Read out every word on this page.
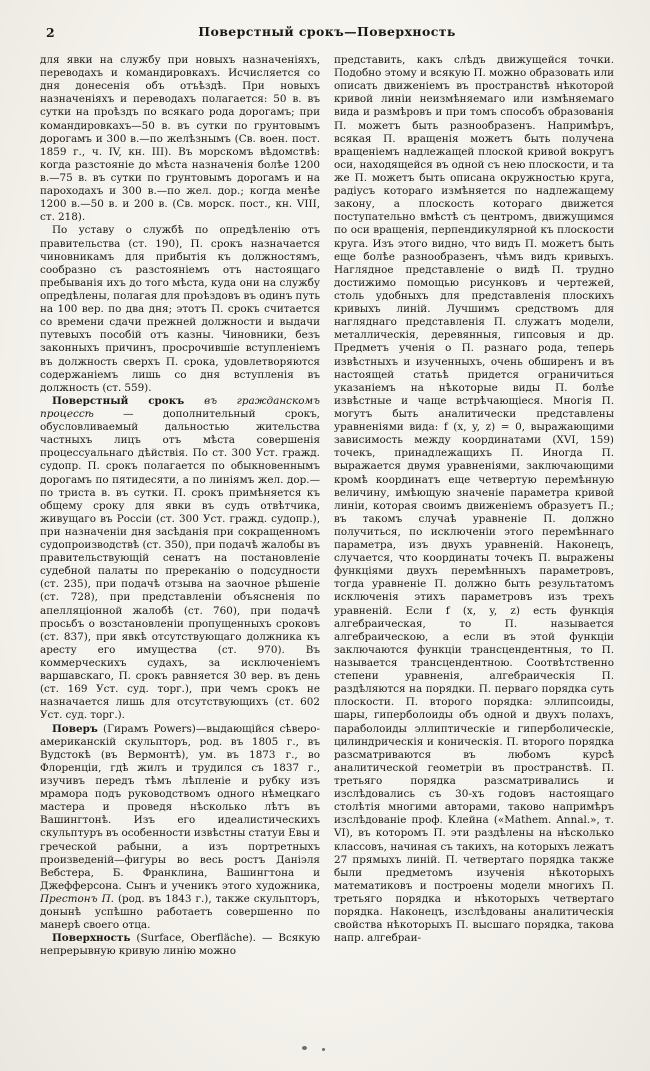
2	Поверстный срокъ—Поверхность

для явки на службу при новыхъ назначеніяхъ, переводахъ и командировкахъ. Исчисляется со дня донесенія объ отъѣздѣ. При новыхъ назначеніяхъ и переводахъ полагается: 50 в. въ сутки на проѣздъ по всякаго рода дорогамъ; при командировкахъ—50 в. въ сутки по грунтовымъ дорогамъ и 300 в.—по желѣзнымъ (Св. воен. пост. 1859 г., ч. IV, кн. III). Въ морскомъ вѣдомствѣ: когда разстояніе до мѣста назначенія болѣе 1200 в.—75 в. въ сутки по грунтовымъ дорогамъ и на пароходахъ и 300 в.—по жел. дор.; когда менѣе 1200 в.—50 в. и 200 в. (Св. морск. пост., кн. VIII, ст. 218).

По уставу о службѣ по опредѣленію отъ правительства (ст. 190), П. срокъ назначается чиновникамъ для прибытія къ должностямъ, сообразно съ разстояніемъ отъ настоящаго пребыванія ихъ до того мѣста, куда они на службу опредѣлены, полагая для проѣздовъ въ одинъ путь на 100 вер. по два дня; этотъ П. срокъ считается со времени сдачи прежней должности и выдачи путевыхъ пособій отъ казны. Чиновники, безъ законныхъ причинъ, просрочившіе вступленіемъ въ должность сверхъ П. срока, удовлетворяются содержаніемъ лишь со дня вступленія въ должность (ст. 559).

Поверстный срокъ въ гражданскомъ процессѣ — дополнительный срокъ, обусловливаемый дальностью жительства частныхъ лицъ отъ мѣста совершенія процессуальнаго дѣйствія. По ст. 300 Уст. гражд. судопр. П. срокъ полагается по обыкновеннымъ дорогамъ по пятидесяти, а по линіямъ жел. дор.—по триста в. въ сутки. П. срокъ примѣняется къ общему сроку для явки въ судъ отвѣтчика, живущаго въ Россіи (ст. 300 Уст. гражд. судопр.), при назначеніи дня засѣданія при сокращенномъ судопроизводствѣ (ст. 350), при подачѣ жалобы въ правительствующій сенатъ на постановленіе судебной палаты по пререканію о подсудности (ст. 235), при подачѣ отзыва на заочное рѣшеніе (ст. 728), при представленіи объясненія по апелляціонной жалобѣ (ст. 760), при подачѣ просьбъ о возстановленіи пропущенныхъ сроковъ (ст. 837), при явкѣ отсутствующаго должника къ аресту его имущества (ст. 970). Въ коммерческихъ судахъ, за исключеніемъ варшавскаго, П. срокъ равняется 30 вер. въ день (ст. 169 Уст. суд. торг.), при чемъ срокъ не назначается лишь для отсутствующихъ (ст. 602 Уст. суд. торг.).

Поверъ (Гирамъ Powers)—выдающійся сѣверо-американскій скульпторъ, род. въ 1805 г., въ Вудстокѣ (въ Вермонтѣ), ум. въ 1873 г., во Флоренціи, гдѣ жилъ и трудился съ 1837 г., изучивъ передъ тѣмъ лѣпленіе и рубку изъ мрамора подъ руководствомъ одного нѣмецкаго мастера и проведя нѣсколько лѣтъ въ Вашингтонѣ. Изъ его идеалистическихъ скульптуръ въ особенности извѣстны статуи Евы и греческой рабыни, а изъ портретныхъ произведеній—фигуры во весь ростъ Даніэля Вебстера, Б. Франклина, Вашингтона и Джефферсона. Сынъ и ученикъ этого художника, Престонъ П. (род. въ 1843 г.), также скульпторъ, донынѣ успѣшно работаетъ совершенно по манерѣ своего отца.

Поверхность (Surface, Oberfläche). — Всякую непрерывную кривую линію можно

представить, какъ слѣдъ движущейся точки. Подобно этому и всякую П. можно образовать или описать движеніемъ въ пространствѣ нѣкоторой кривой линіи неизмѣняемаго или измѣняемаго вида и размѣровъ и при томъ способъ образованія П. можетъ быть разнообразенъ. Напримѣръ, всякая П. вращенія можетъ быть получена вращеніемъ надлежащей плоской кривой вокругъ оси, находящейся въ одной съ нею плоскости, и та же П. можетъ быть описана окружностью круга, радіусъ котораго измѣняется по надлежащему закону, а плоскость котораго движется поступательно вмѣстѣ съ центромъ, движущимся по оси вращенія, перпендикулярной къ плоскости круга. Изъ этого видно, что видъ П. можетъ быть еще болѣе разнообразенъ, чѣмъ видъ кривыхъ. Наглядное представленіе о видѣ П. трудно достижимо помощью рисунковъ и чертежей, столь удобныхъ для представленія плоскихъ кривыхъ линій. Лучшимъ средствомъ для нагляднаго представленія П. служатъ модели, металлическія, деревянныя, гипсовыя и др. Предметъ ученія о П. разнаго рода, теперь извѣстныхъ и изученныхъ, очень обширенъ и въ настоящей статьѣ придется ограничиться указаніемъ на нѣкоторые виды П. болѣе извѣстные и чаще встрѣчающіеся. Многія П. могутъ быть аналитически представлены уравненіями вида: f (x, y, z) = 0, выражающими зависимость между координатами (XVI, 159) точекъ, принадлежащихъ П. Иногда П. выражается двумя уравненіями, заключающими кромѣ координатъ еще четвертую перемѣнную величину, имѣющую значеніе параметра кривой линіи, которая своимъ движеніемъ образуетъ П.; въ такомъ случаѣ уравненіе П. должно получиться, по исключеніи этого перемѣннаго параметра, изъ двухъ уравненій. Наконецъ, случается, что координаты точекъ П. выражены функціями двухъ перемѣнныхъ параметровъ, тогда уравненіе П. должно быть результатомъ исключенія этихъ параметровъ изъ трехъ уравненій. Если f (x, y, z) есть функція алгебраическая, то П. называется алгебраическою, а если въ этой функціи заключаются функціи трансцендентныя, то П. называется трансцендентною. Соотвѣтственно степени уравненія, алгебраическія П. раздѣляются на порядки. П. перваго порядка суть плоскости. П. второго порядка: эллипсоиды, шары, гиперболоиды объ одной и двухъ полахъ, параболоиды эллиптическіе и гиперболическіе, цилиндрическія и коническія. П. второго порядка разсматриваются въ любомъ курсѣ аналитической геометріи въ пространствѣ. П. третьяго порядка разсматривались и изслѣдовались съ 30-хъ годовъ настоящаго столѣтія многими авторами, таково напримѣръ изслѣдованіе проф. Клейна («Mathem. Annal.», т. VI), въ которомъ П. эти раздѣлены на нѣсколько классовъ, начиная съ такихъ, на которыхъ лежатъ 27 прямыхъ линій. П. четвертаго порядка также были предметомъ изученія нѣкоторыхъ математиковъ и построены модели многихъ П. третьяго порядка и нѣкоторыхъ четвертаго порядка. Наконецъ, изслѣдованы аналитическія свойства нѣкоторыхъ П. высшаго порядка, такова напр. алгебраи-
